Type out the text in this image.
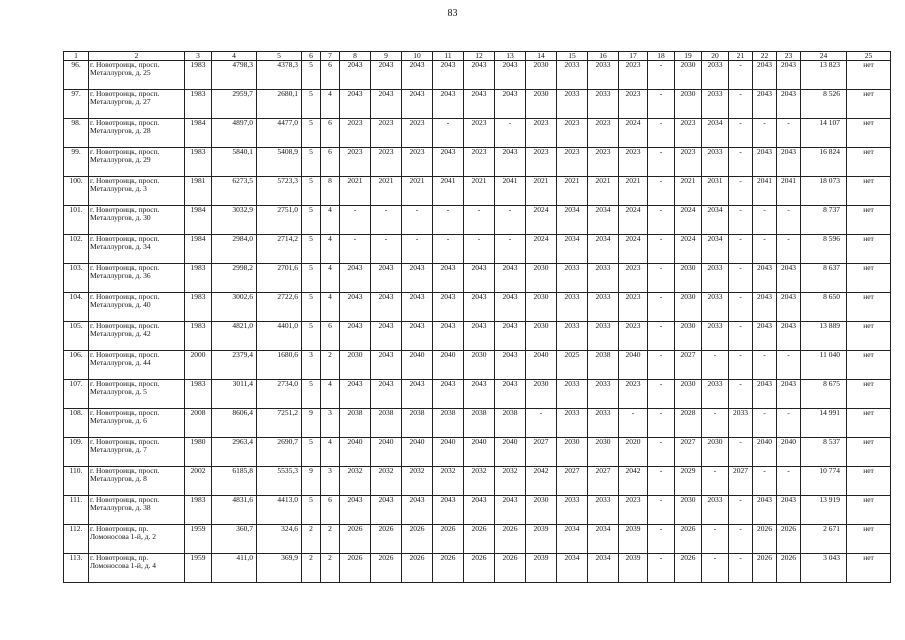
83
1	2	3	4	5	6	7	8	9	10	11	12	13	14	15	16	17	18	19	20	21	22	23	24	25
96.	г. Новотроицк, просп. Металлургов, д. 25	1983	4798,3	4378,3	5	6	2043	2043	2043	2043	2043	2043	2030	2033	2033	2023	-	2030	2033	-	2043	2043	13 823	нет
97.	г. Новотроицк, просп. Металлургов, д. 27	1983	2959,7	2680,1	5	4	2043	2043	2043	2043	2043	2043	2030	2033	2033	2023	-	2030	2033	-	2043	2043	8 526	нет
98.	г. Новотроицк, просп. Металлургов, д. 28	1984	4897,0	4477,0	5	6	2023	2023	2023	-	2023	-	2023	2023	2023	2024	-	2023	2034	-	-	-	14 107	нет
99.	г. Новотроицк, просп. Металлургов, д. 29	1983	5840,1	5408,9	5	6	2023	2023	2023	2043	2023	2043	2023	2023	2023	2023	-	2023	2033	-	2043	2043	16 824	нет
100.	г. Новотроицк, просп. Металлургов, д. 3	1981	6273,5	5723,3	5	8	2021	2021	2021	2041	2021	2041	2021	2021	2021	2021	-	2021	2031	-	2041	2041	18 073	нет
101.	г. Новотроицк, просп. Металлургов, д. 30	1984	3032,9	2751,0	5	4	-	-	-	-	-	-	2024	2034	2034	2024	-	2024	2034	-	-	-	8 737	нет
102.	г. Новотроицк, просп. Металлургов, д. 34	1984	2984,0	2714,2	5	4	-	-	-	-	-	-	2024	2034	2034	2024	-	2024	2034	-	-	-	8 596	нет
103.	г. Новотроицк, просп. Металлургов, д. 36	1983	2998,2	2701,6	5	4	2043	2043	2043	2043	2043	2043	2030	2033	2033	2023	-	2030	2033	-	2043	2043	8 637	нет
104.	г. Новотроицк, просп. Металлургов, д. 40	1983	3002,6	2722,6	5	4	2043	2043	2043	2043	2043	2043	2030	2033	2033	2023	-	2030	2033	-	2043	2043	8 650	нет
105.	г. Новотроицк, просп. Металлургов, д. 42	1983	4821,0	4401,0	5	6	2043	2043	2043	2043	2043	2043	2030	2033	2033	2023	-	2030	2033	-	2043	2043	13 889	нет
106.	г. Новотроицк, просп. Металлургов, д. 44	2000	2379,4	1680,6	3	2	2030	2043	2040	2040	2030	2043	2040	2025	2038	2040	-	2027	-	-	-	-	11 040	нет
107.	г. Новотроицк, просп. Металлургов, д. 5	1983	3011,4	2734,0	5	4	2043	2043	2043	2043	2043	2043	2030	2033	2033	2023	-	2030	2033	-	2043	2043	8 675	нет
108.	г. Новотроицк, просп. Металлургов, д. 6	2008	8606,4	7251,2	9	3	2038	2038	2038	2038	2038	2038	-	2033	2033	-	-	2028	-	2033	-	-	14 991	нет
109.	г. Новотроицк, просп. Металлургов, д. 7	1980	2963,4	2690,7	5	4	2040	2040	2040	2040	2040	2040	2027	2030	2030	2020	-	2027	2030	-	2040	2040	8 537	нет
110.	г. Новотроицк, просп. Металлургов, д. 8	2002	6185,8	5535,3	9	3	2032	2032	2032	2032	2032	2032	2042	2027	2027	2042	-	2029	-	2027	-	-	10 774	нет
111.	г. Новотроицк, просп. Металлургов, д. 38	1983	4831,6	4413,0	5	6	2043	2043	2043	2043	2043	2043	2030	2033	2033	2023	-	2030	2033	-	2043	2043	13 919	нет
112.	г. Новотроицк, пр. Ломоносова 1-й, д. 2	1959	360,7	324,6	2	2	2026	2026	2026	2026	2026	2026	2039	2034	2034	2039	-	2026	-	-	2026	2026	2 671	нет
113.	г. Новотроицк, пр. Ломоносова 1-й, д. 4	1959	411,0	369,9	2	2	2026	2026	2026	2026	2026	2026	2039	2034	2034	2039	-	2026	-	-	2026	2026	3 043	нет
